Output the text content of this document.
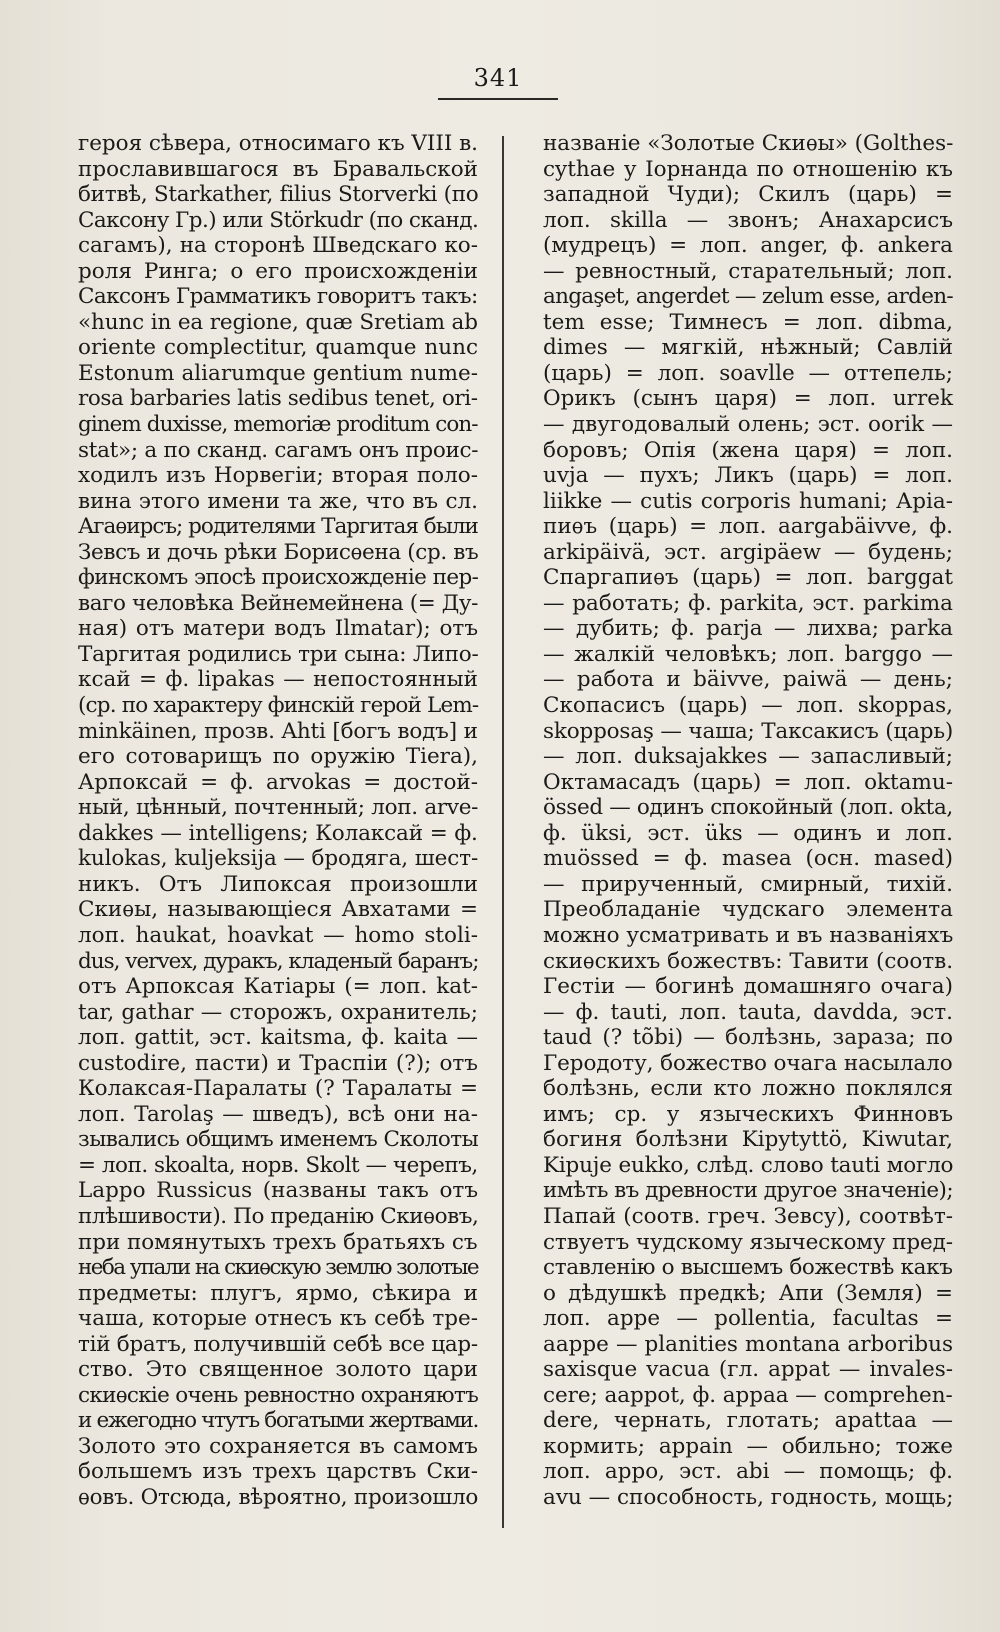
341
героя сѣвера, относимаго къ VIII в.
прославившагося въ Бравальской
битвѣ, Starkather, filius Storverki (по
Саксону Гр.) или Störkudr (по сканд.
сагамъ), на сторонѣ Шведскаго ко-
роля Ринга; о его происхожденіи
Саксонъ Грамматикъ говоритъ такъ:
«hunc in ea regione, quæ Sretiam ab
oriente complectitur, quamque nunc
Estonum aliarumque gentium nume-
rosa barbaries latis sedibus tenet, ori-
ginem duxisse, memoriæ proditum con-
stat»; а по сканд. сагамъ онъ проис-
ходилъ изъ Норвегіи; вторая поло-
вина этого имени та же, что въ сл.
Агаѳирсъ; родителями Таргитая были
Зевсъ и дочь рѣки Борисѳена (ср. въ
финскомъ эпосѣ происхожденіе пер-
ваго человѣка Вейнемейнена (= Ду-
ная) отъ матери водъ Ilmatar); отъ
Таргитая родились три сына: Липо-
ксай = ф. lipakas — непостоянный
(ср. по характеру финскій герой Lem-
minkäinen, прозв. Ahti [богъ водъ] и
его сотоварищъ по оружію Tiera),
Арпоксай = ф. arvokas = достой-
ный, цѣнный, почтенный; лоп. arve-
dakkes — intelligens; Колаксай = ф.
kulokas, kuljeksija — бродяга, шест-
никъ. Отъ Липоксая произошли
Скиѳы, называющіеся Авхатами =
лоп. haukat, hoavkat — homo stoli-
dus, vervex, дуракъ, кладеный баранъ;
отъ Арпоксая Катіары (= лоп. kat-
tar, gathar — сторожъ, охранитель;
лоп. gattit, эст. kaitsma, ф. kaita —
custodire, пасти) и Траспіи (?); отъ
Колаксая-Паралаты (? Таралаты =
лоп. Tarolaş — шведъ), всѣ они на-
зывались общимъ именемъ Сколоты
= лоп. skoalta, норв. Skolt — черепъ,
Lappo Russicus (названы такъ отъ
плѣшивости). По преданію Скиѳовъ,
при помянутыхъ трехъ братьяхъ съ
неба упали на скиѳскую землю золотые
предметы: плугъ, ярмо, сѣкира и
чаша, которые отнесъ къ себѣ тре-
тій братъ, получившій себѣ все цар-
ство. Это священное золото цари
скиѳскіе очень ревностно охраняютъ
и ежегодно чтутъ богатыми жертвами.
Золото это сохраняется въ самомъ
большемъ изъ трехъ царствъ Ски-
ѳовъ. Отсюда, вѣроятно, произошло
названіе «Золотые Скиѳы» (Golthes-
cythae у Іорнанда по отношенію къ
западной Чуди); Скилъ (царь) =
лоп. skilla — звонъ; Анахарсисъ
(мудрецъ) = лоп. anger, ф. ankera
— ревностный, старательный; лоп.
angaşet, angerdet — zelum esse, arden-
tem esse; Тимнесъ = лоп. dibma,
dimes — мягкій, нѣжный; Савлій
(царь) = лоп. soavlle — оттепель;
Орикъ (сынъ царя) = лоп. urrek
— двугодовалый олень; эст. oorik —
боровъ; Опія (жена царя) = лоп.
uvja — пухъ; Ликъ (царь) = лоп.
liikke — cutis corporis humani; Аріа-
пиѳъ (царь) = лоп. aargabäivve, ф.
arkipäivä, эст. argipäew — будень;
Спаргапиѳъ (царь) = лоп. barggat
— работать; ф. parkita, эст. parkima
— дубить; ф. parja — лихва; parka
— жалкій человѣкъ; лоп. barggo —
— работа и bäivve, paiwä — день;
Скопасисъ (царь) — лоп. skoppas,
skopposaş — чаша; Таксакисъ (царь)
— лоп. duksajakkes — запасливый;
Октамасадъ (царь) = лоп. oktamu-
össed — одинъ спокойный (лоп. okta,
ф. üksi, эст. üks — одинъ и лоп.
muössed = ф. masea (осн. mased)
— прирученный, смирный, тихій.
Преобладаніе чудскаго элемента
можно усматривать и въ названіяхъ
скиѳскихъ божествъ: Тавити (соотв.
Гестіи — богинѣ домашняго очага)
— ф. tauti, лоп. tauta, davdda, эст.
taud (? tõbi) — болѣзнь, зараза; по
Геродоту, божество очага насылало
болѣзнь, если кто ложно поклялся
имъ; ср. у языческихъ Финновъ
богиня болѣзни Kipytyttö, Kiwutar,
Kipuje eukko, слѣд. слово tauti могло
имѣть въ древности другое значеніе);
Папай (соотв. греч. Зевсу), соотвѣт-
ствуетъ чудскому языческому пред-
ставленію о высшемъ божествѣ какъ
о дѣдушкѣ предкѣ; Апи (Земля) =
лоп. appe — pollentia, facultas =
aappe — planities montana arboribus
saxisque vacua (гл. appat — invales-
cere; aappot, ф. appaa — comprehen-
dere, чернать, глотать; apattaa —
кормить; appain — обильно; тоже
лоп. appo, эст. abi — помощь; ф.
avu — способность, годность, мощь;
